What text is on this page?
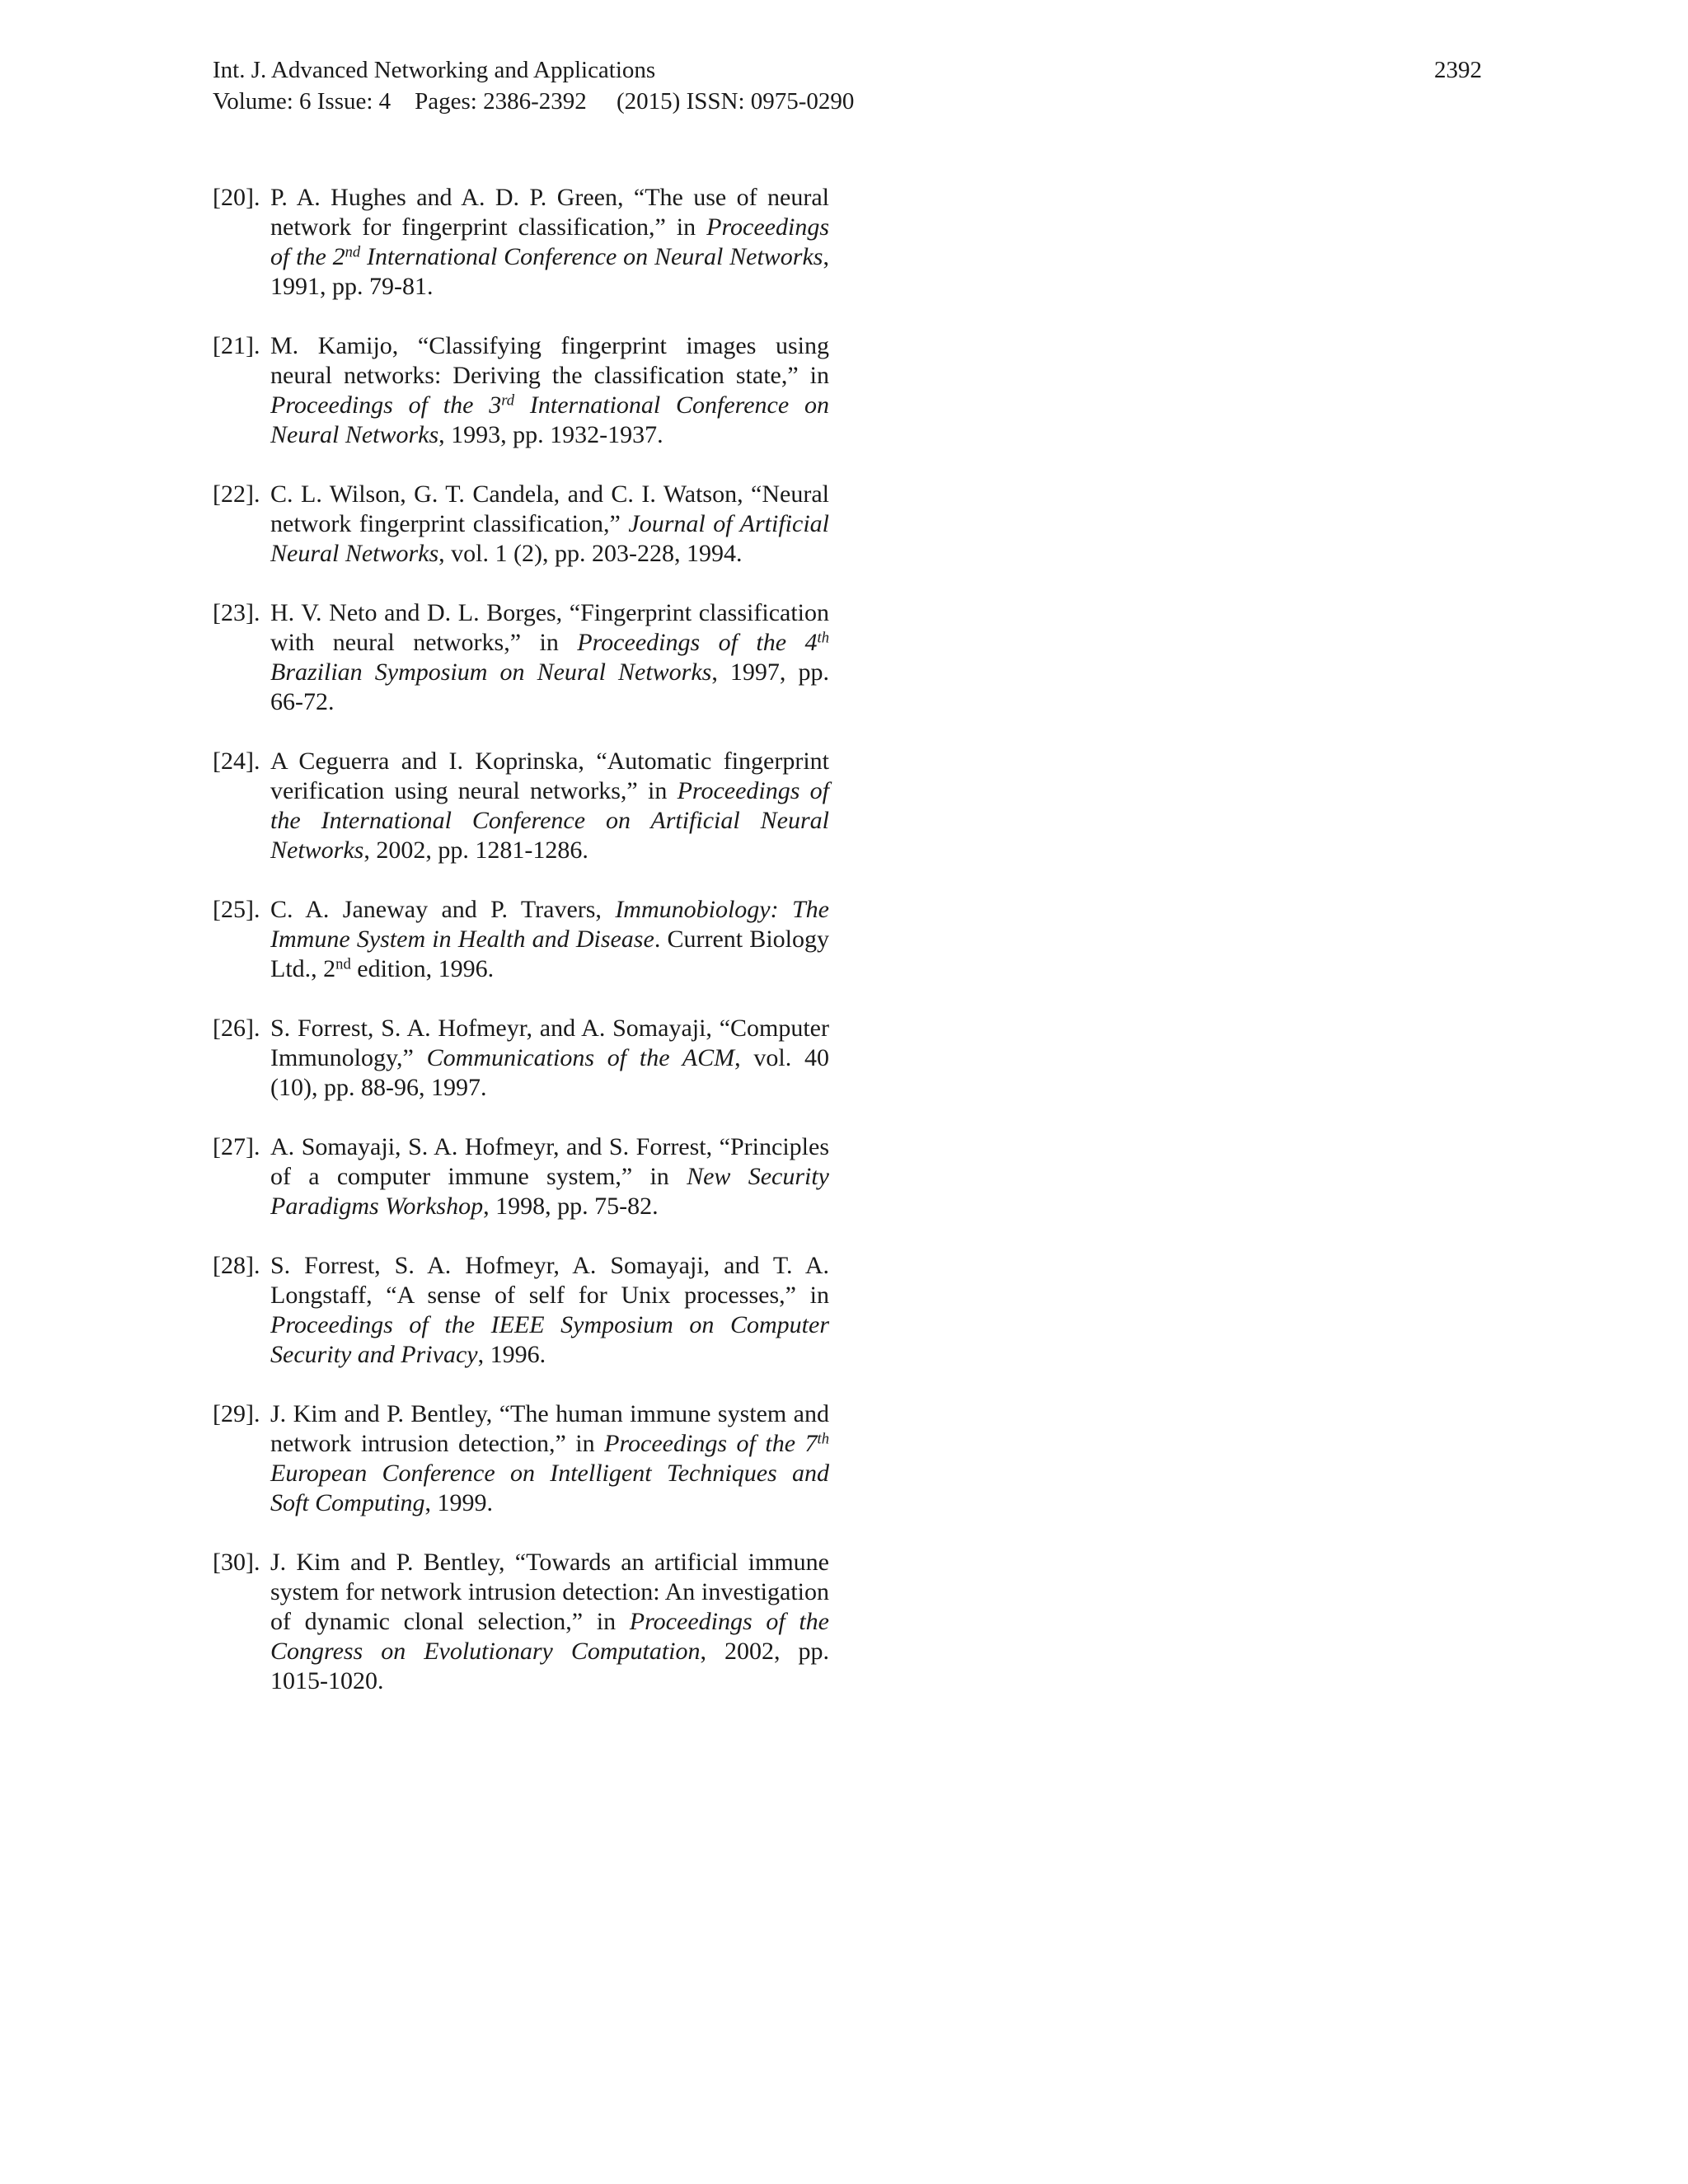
Int. J. Advanced Networking and Applications
Volume: 6 Issue: 4    Pages: 2386-2392     (2015) ISSN: 0975-0290
2392
[20]. P. A. Hughes and A. D. P. Green, “The use of neural network for fingerprint classification,” in Proceedings of the 2nd International Conference on Neural Networks, 1991, pp. 79-81.
[21]. M. Kamijo, “Classifying fingerprint images using neural networks: Deriving the classification state,” in Proceedings of the 3rd International Conference on Neural Networks, 1993, pp. 1932-1937.
[22]. C. L. Wilson, G. T. Candela, and C. I. Watson, “Neural network fingerprint classification,” Journal of Artificial Neural Networks, vol. 1 (2), pp. 203-228, 1994.
[23]. H. V. Neto and D. L. Borges, “Fingerprint classification with neural networks,” in Proceedings of the 4th Brazilian Symposium on Neural Networks, 1997, pp. 66-72.
[24]. A Ceguerra and I. Koprinska, “Automatic fingerprint verification using neural networks,” in Proceedings of the International Conference on Artificial Neural Networks, 2002, pp. 1281-1286.
[25]. C. A. Janeway and P. Travers, Immunobiology: The Immune System in Health and Disease. Current Biology Ltd., 2nd edition, 1996.
[26]. S. Forrest, S. A. Hofmeyr, and A. Somayaji, “Computer Immunology,” Communications of the ACM, vol. 40 (10), pp. 88-96, 1997.
[27]. A. Somayaji, S. A. Hofmeyr, and S. Forrest, “Principles of a computer immune system,” in New Security Paradigms Workshop, 1998, pp. 75-82.
[28]. S. Forrest, S. A. Hofmeyr, A. Somayaji, and T. A. Longstaff, “A sense of self for Unix processes,” in Proceedings of the IEEE Symposium on Computer Security and Privacy, 1996.
[29]. J. Kim and P. Bentley, “The human immune system and network intrusion detection,” in Proceedings of the 7th European Conference on Intelligent Techniques and Soft Computing, 1999.
[30]. J. Kim and P. Bentley, “Towards an artificial immune system for network intrusion detection: An investigation of dynamic clonal selection,” in Proceedings of the Congress on Evolutionary Computation, 2002, pp. 1015-1020.
